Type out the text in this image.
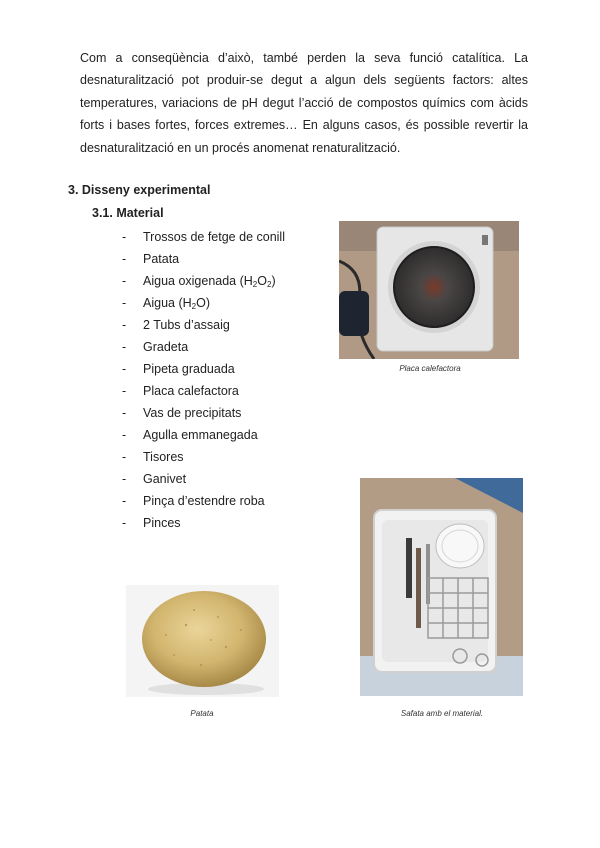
Com a conseqüència d’això, també perden la seva funció catalítica. La desnaturalització pot produir-se degut a algun dels següents factors: altes temperatures, variacions de pH degut l’acció de compostos químics com àcids forts i bases fortes, forces extremes… En alguns casos, és possible revertir la desnaturalització en un procés anomenat renaturalització.
3. Disseny experimental
3.1. Material
-	Trossos de fetge de conill
-	Patata
-	Aigua oxigenada $(H_2O_2)$
-	Aigua $(H_2O)$
-	2 Tubs d’assaig
-	Gradeta
-	Pipeta graduada
-	Placa calefactora
-	Vas de precipitats
-	Agulla emmanegada
-	Tisores
-	Ganivet
-	Pinça d’estendre roba
-	Pinces
Placa calefactora
Safata amb el material.
Patata
